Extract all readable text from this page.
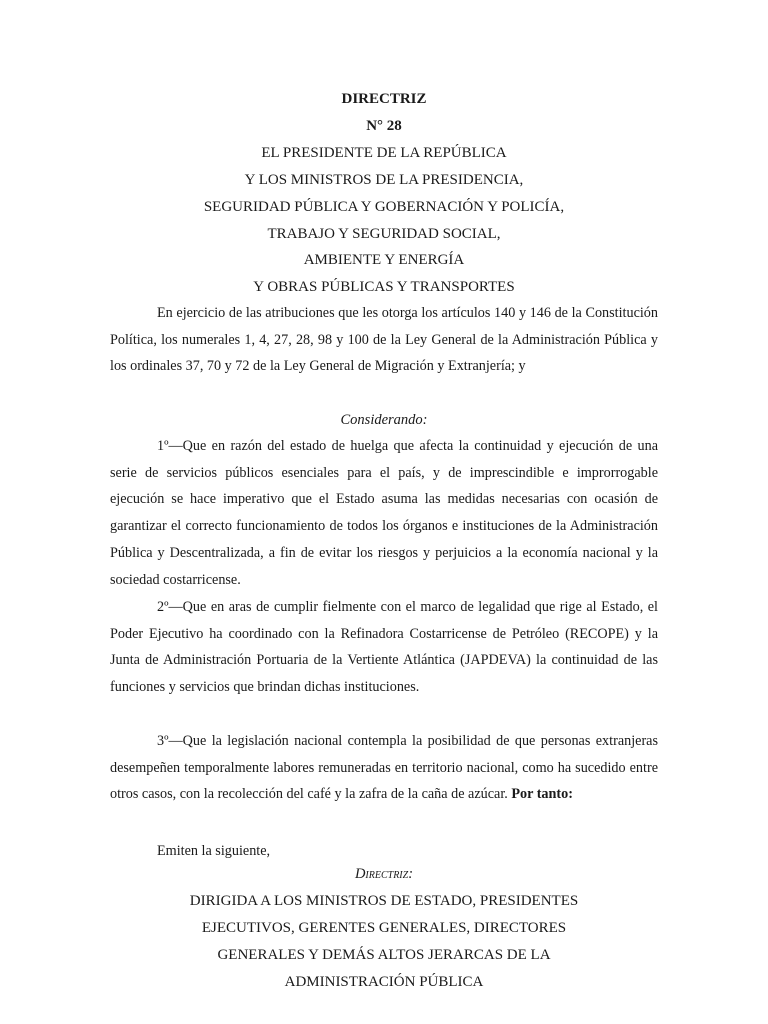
DIRECTRIZ
N° 28
EL PRESIDENTE DE LA REPÚBLICA
Y LOS MINISTROS DE LA PRESIDENCIA,
SEGURIDAD PÚBLICA Y GOBERNACIÓN Y POLICÍA,
TRABAJO Y SEGURIDAD SOCIAL,
AMBIENTE Y ENERGÍA
Y OBRAS PÚBLICAS Y TRANSPORTES
En ejercicio de las atribuciones que les otorga los artículos 140 y 146 de la Constitución Política, los numerales 1, 4, 27, 28, 98 y 100 de la Ley General de la Administración Pública y los ordinales 37, 70 y 72 de la Ley General de Migración y Extranjería; y
Considerando:
1º—Que en razón del estado de huelga que afecta la continuidad y ejecución de una serie de servicios públicos esenciales para el país, y de imprescindible e improrrogable ejecución se hace imperativo que el Estado asuma las medidas necesarias con ocasión de garantizar el correcto funcionamiento de todos los órganos e instituciones de la Administración Pública y Descentralizada, a fin de evitar los riesgos y perjuicios a la economía nacional y la sociedad costarricense.
2º—Que en aras de cumplir fielmente con el marco de legalidad que rige al Estado, el Poder Ejecutivo ha coordinado con la Refinadora Costarricense de Petróleo (RECOPE) y la Junta de Administración Portuaria de la Vertiente Atlántica (JAPDEVA) la continuidad de las funciones y servicios que brindan dichas instituciones.
3º—Que la legislación nacional contempla la posibilidad de que personas extranjeras desempeñen temporalmente labores remuneradas en territorio nacional, como ha sucedido entre otros casos, con la recolección del café y la zafra de la caña de azúcar. Por tanto:
Emiten la siguiente,
Directriz:
DIRIGIDA A LOS MINISTROS DE ESTADO, PRESIDENTES
EJECUTIVOS, GERENTES GENERALES, DIRECTORES
GENERALES Y DEMÁS ALTOS JERARCAS DE LA
ADMINISTRACIÓN PÚBLICA
